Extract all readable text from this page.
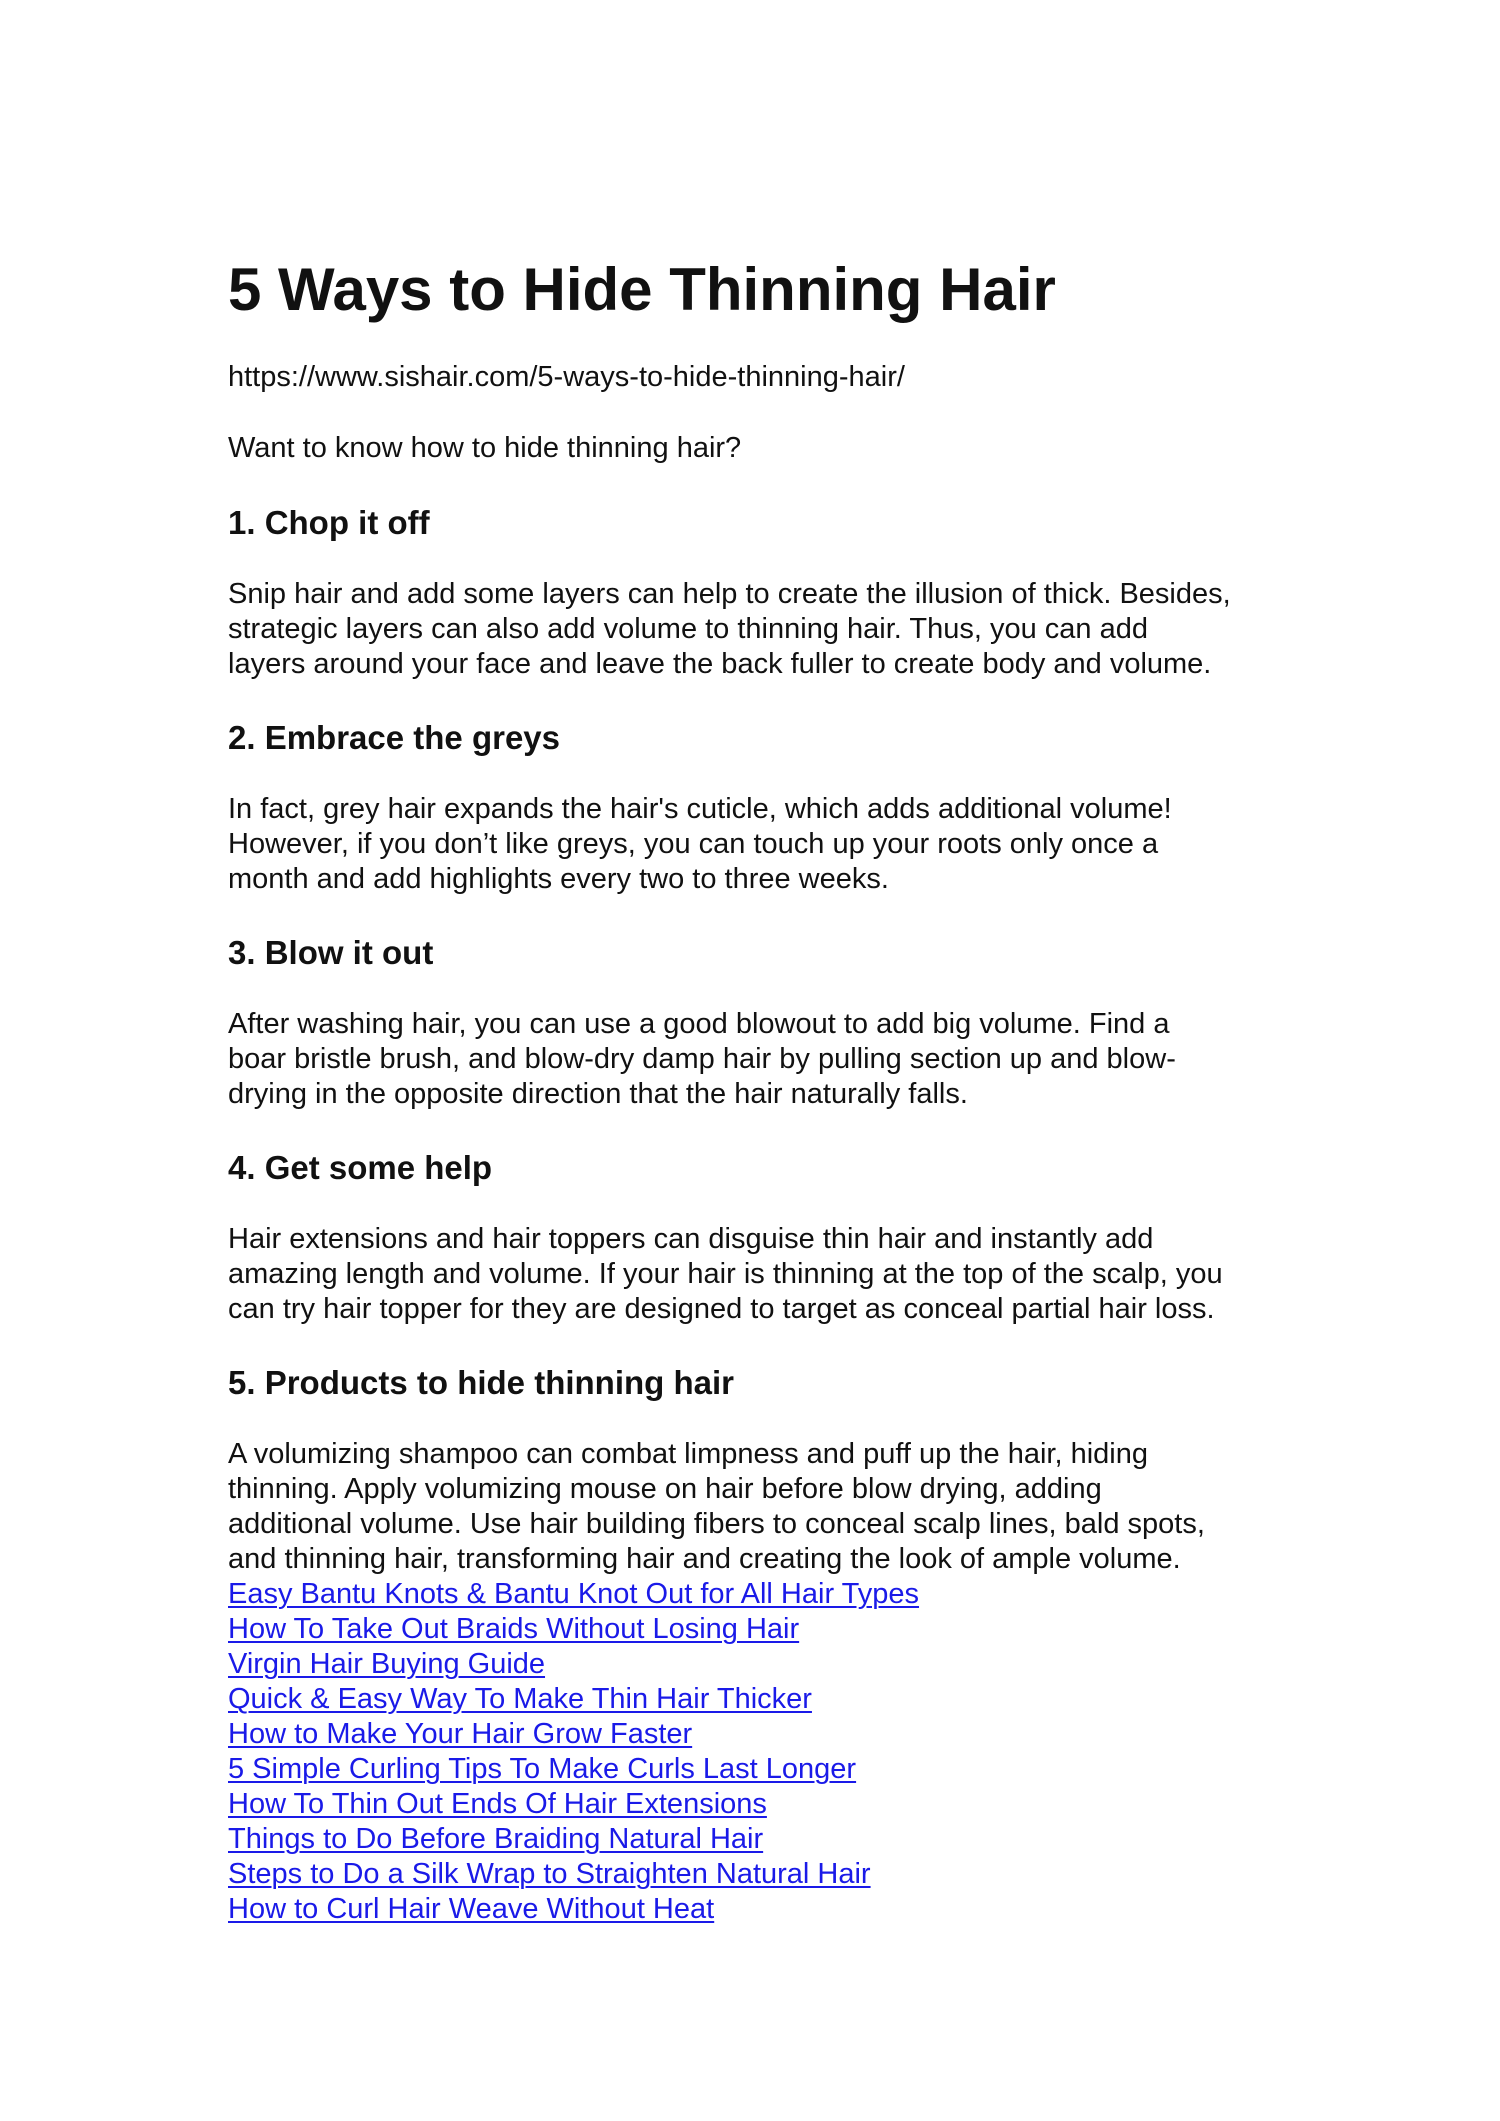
5 Ways to Hide Thinning Hair
https://www.sishair.com/5-ways-to-hide-thinning-hair/
Want to know how to hide thinning hair?
1. Chop it off

Snip hair and add some layers can help to create the illusion of thick. Besides,
strategic layers can also add volume to thinning hair. Thus, you can add
layers around your face and leave the back fuller to create body and volume.

2. Embrace the greys

In fact, grey hair expands the hair's cuticle, which adds additional volume!
However, if you don’t like greys, you can touch up your roots only once a
month and add highlights every two to three weeks.

3. Blow it out

After washing hair, you can use a good blowout to add big volume. Find a
boar bristle brush, and blow-dry damp hair by pulling section up and blow-
drying in the opposite direction that the hair naturally falls.

4. Get some help

Hair extensions and hair toppers can disguise thin hair and instantly add
amazing length and volume. If your hair is thinning at the top of the scalp, you
can try hair topper for they are designed to target as conceal partial hair loss.

5. Products to hide thinning hair

A volumizing shampoo can combat limpness and puff up the hair, hiding
thinning. Apply volumizing mouse on hair before blow drying, adding
additional volume. Use hair building fibers to conceal scalp lines, bald spots,
and thinning hair, transforming hair and creating the look of ample volume.

Easy Bantu Knots & Bantu Knot Out for All Hair Types
How To Take Out Braids Without Losing Hair
Virgin Hair Buying Guide
Quick & Easy Way To Make Thin Hair Thicker
How to Make Your Hair Grow Faster
5 Simple Curling Tips To Make Curls Last Longer
How To Thin Out Ends Of Hair Extensions
Things to Do Before Braiding Natural Hair
Steps to Do a Silk Wrap to Straighten Natural Hair
How to Curl Hair Weave Without Heat
